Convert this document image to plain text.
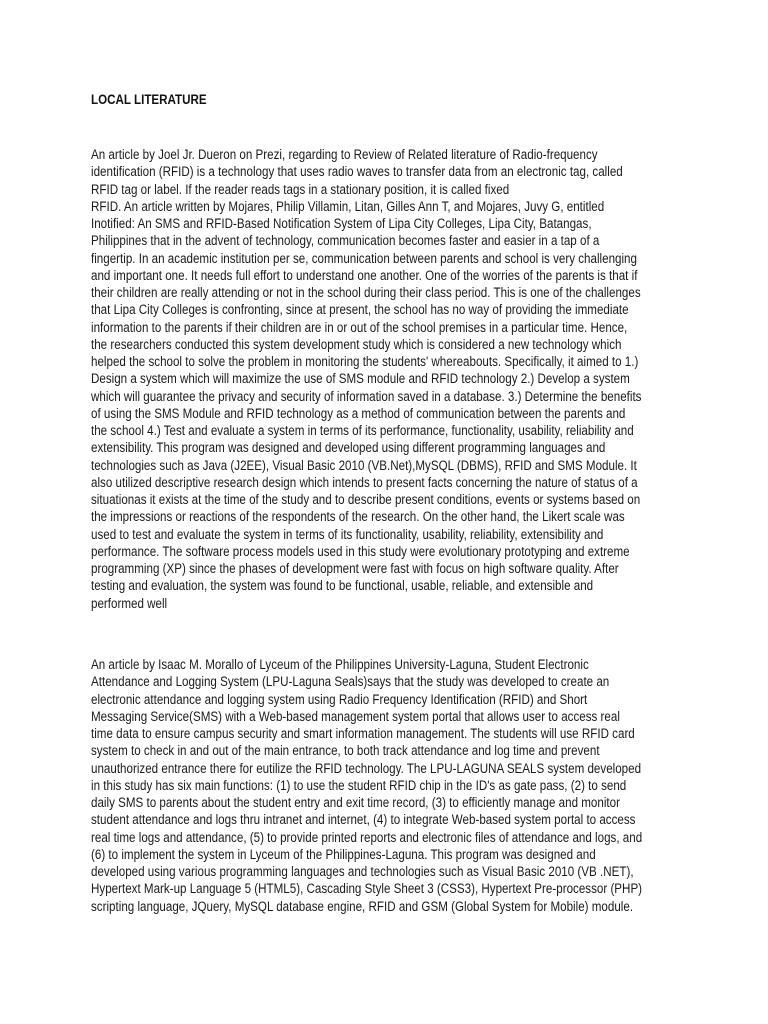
LOCAL LITERATURE
An article by Joel Jr. Dueron on Prezi, regarding to Review of Related literature of Radio-frequency
identification (RFID) is a technology that uses radio waves to transfer data from an electronic tag, called
RFID tag or label. If the reader reads tags in a stationary position, it is called fixed
RFID. An article written by Mojares, Philip Villamin, Litan, Gilles Ann T, and Mojares, Juvy G, entitled
Inotified: An SMS and RFID-Based Notification System of Lipa City Colleges, Lipa City, Batangas,
Philippines that in the advent of technology, communication becomes faster and easier in a tap of a
fingertip. In an academic institution per se, communication between parents and school is very challenging
and important one. It needs full effort to understand one another. One of the worries of the parents is that if
their children are really attending or not in the school during their class period. This is one of the challenges
that Lipa City Colleges is confronting, since at present, the school has no way of providing the immediate
information to the parents if their children are in or out of the school premises in a particular time. Hence,
the researchers conducted this system development study which is considered a new technology which
helped the school to solve the problem in monitoring the students' whereabouts. Specifically, it aimed to 1.)
Design a system which will maximize the use of SMS module and RFID technology 2.) Develop a system
which will guarantee the privacy and security of information saved in a database. 3.) Determine the benefits
of using the SMS Module and RFID technology as a method of communication between the parents and
the school 4.) Test and evaluate a system in terms of its performance, functionality, usability, reliability and
extensibility. This program was designed and developed using different programming languages and
technologies such as Java (J2EE), Visual Basic 2010 (VB.Net),MySQL (DBMS), RFID and SMS Module. It
also utilized descriptive research design which intends to present facts concerning the nature of status of a
situationas it exists at the time of the study and to describe present conditions, events or systems based on
the impressions or reactions of the respondents of the research. On the other hand, the Likert scale was
used to test and evaluate the system in terms of its functionality, usability, reliability, extensibility and
performance. The software process models used in this study were evolutionary prototyping and extreme
programming (XP) since the phases of development were fast with focus on high software quality. After
testing and evaluation, the system was found to be functional, usable, reliable, and extensible and
performed well
An article by Isaac M. Morallo of Lyceum of the Philippines University-Laguna, Student Electronic
Attendance and Logging System (LPU-Laguna Seals)says that the study was developed to create an
electronic attendance and logging system using Radio Frequency Identification (RFID) and Short
Messaging Service(SMS) with a Web-based management system portal that allows user to access real
time data to ensure campus security and smart information management. The students will use RFID card
system to check in and out of the main entrance, to both track attendance and log time and prevent
unauthorized entrance there for eutilize the RFID technology. The LPU-LAGUNA SEALS system developed
in this study has six main functions: (1) to use the student RFID chip in the ID's as gate pass, (2) to send
daily SMS to parents about the student entry and exit time record, (3) to efficiently manage and monitor
student attendance and logs thru intranet and internet, (4) to integrate Web-based system portal to access
real time logs and attendance, (5) to provide printed reports and electronic files of attendance and logs, and
(6) to implement the system in Lyceum of the Philippines-Laguna. This program was designed and
developed using various programming languages and technologies such as Visual Basic 2010 (VB .NET),
Hypertext Mark-up Language 5 (HTML5), Cascading Style Sheet 3 (CSS3), Hypertext Pre-processor (PHP)
scripting language, JQuery, MySQL database engine, RFID and GSM (Global System for Mobile) module.
